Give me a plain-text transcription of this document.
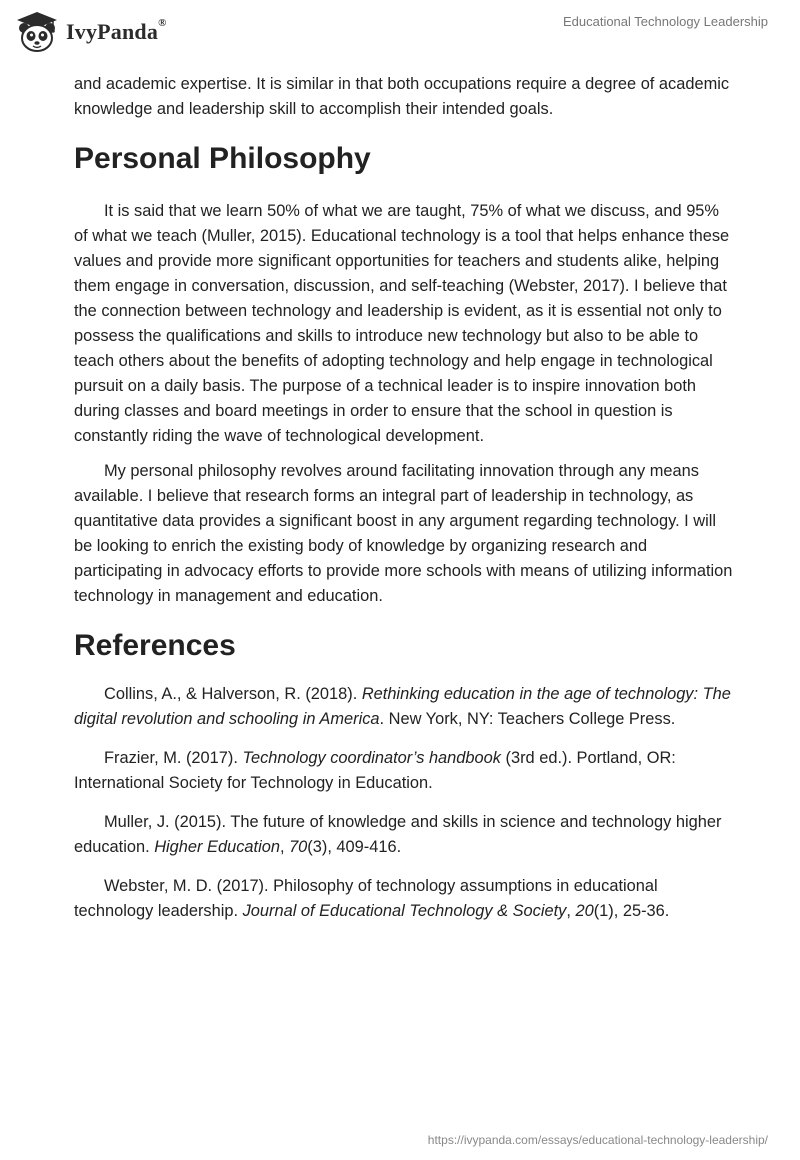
IvyPanda®	Educational Technology Leadership

and academic expertise. It is similar in that both occupations require a degree of academic knowledge and leadership skill to accomplish their intended goals.

Personal Philosophy

It is said that we learn 50% of what we are taught, 75% of what we discuss, and 95% of what we teach (Muller, 2015). Educational technology is a tool that helps enhance these values and provide more significant opportunities for teachers and students alike, helping them engage in conversation, discussion, and self-teaching (Webster, 2017). I believe that the connection between technology and leadership is evident, as it is essential not only to possess the qualifications and skills to introduce new technology but also to be able to teach others about the benefits of adopting technology and help engage in technological pursuit on a daily basis. The purpose of a technical leader is to inspire innovation both during classes and board meetings in order to ensure that the school in question is constantly riding the wave of technological development.

My personal philosophy revolves around facilitating innovation through any means available. I believe that research forms an integral part of leadership in technology, as quantitative data provides a significant boost in any argument regarding technology. I will be looking to enrich the existing body of knowledge by organizing research and participating in advocacy efforts to provide more schools with means of utilizing information technology in management and education.

References

Collins, A., & Halverson, R. (2018). Rethinking education in the age of technology: The digital revolution and schooling in America. New York, NY: Teachers College Press.

Frazier, M. (2017). Technology coordinator’s handbook (3rd ed.). Portland, OR: International Society for Technology in Education.

Muller, J. (2015). The future of knowledge and skills in science and technology higher education. Higher Education, 70(3), 409-416.

Webster, M. D. (2017). Philosophy of technology assumptions in educational technology leadership. Journal of Educational Technology & Society, 20(1), 25-36.

https://ivypanda.com/essays/educational-technology-leadership/
